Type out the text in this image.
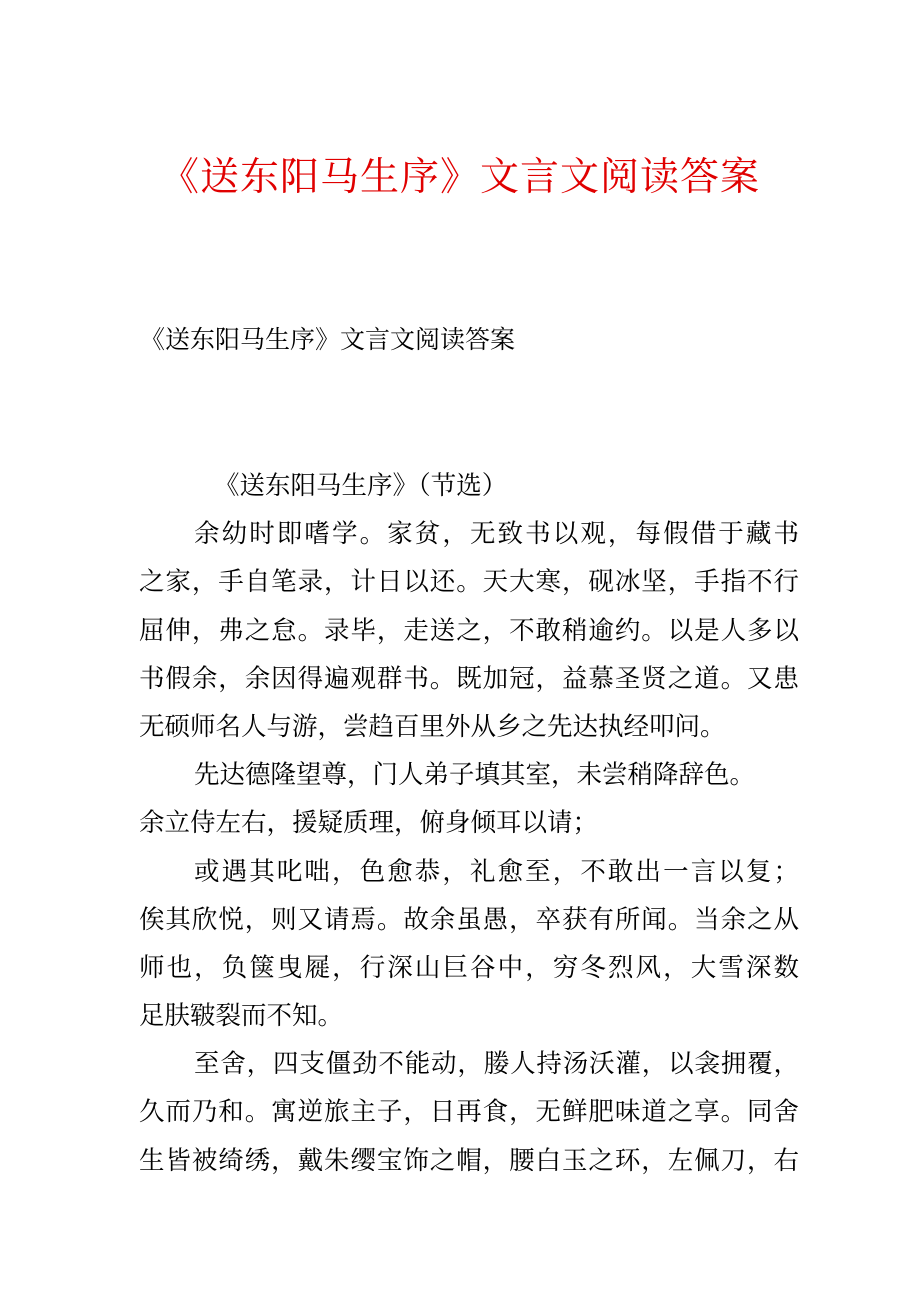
《送东阳马生序》文言文阅读答案
《送东阳马生序》文言文阅读答案
《送东阳马生序》（节选）
余幼时即嗜学。家贫，无致书以观，每假借于藏书
之家，手自笔录，计日以还。天大寒，砚冰坚，手指不行
屈伸，弗之怠。录毕，走送之，不敢稍逾约。以是人多以
书假余，余因得遍观群书。既加冠，益慕圣贤之道。又患
无硕师名人与游，尝趋百里外从乡之先达执经叩问。
先达德隆望尊，门人弟子填其室，未尝稍降辞色。
余立侍左右，援疑质理，俯身倾耳以请；
或遇其叱咄，色愈恭，礼愈至，不敢出一言以复；
俟其欣悦，则又请焉。故余虽愚，卒获有所闻。当余之从
师也，负箧曳屣，行深山巨谷中，穷冬烈风，大雪深数
足肤皲裂而不知。
至舍，四支僵劲不能动，媵人持汤沃灌，以衾拥覆，
久而乃和。寓逆旅主子，日再食，无鲜肥味道之享。同舍
生皆被绮绣，戴朱缨宝饰之帽，腰白玉之环，左佩刀，右
